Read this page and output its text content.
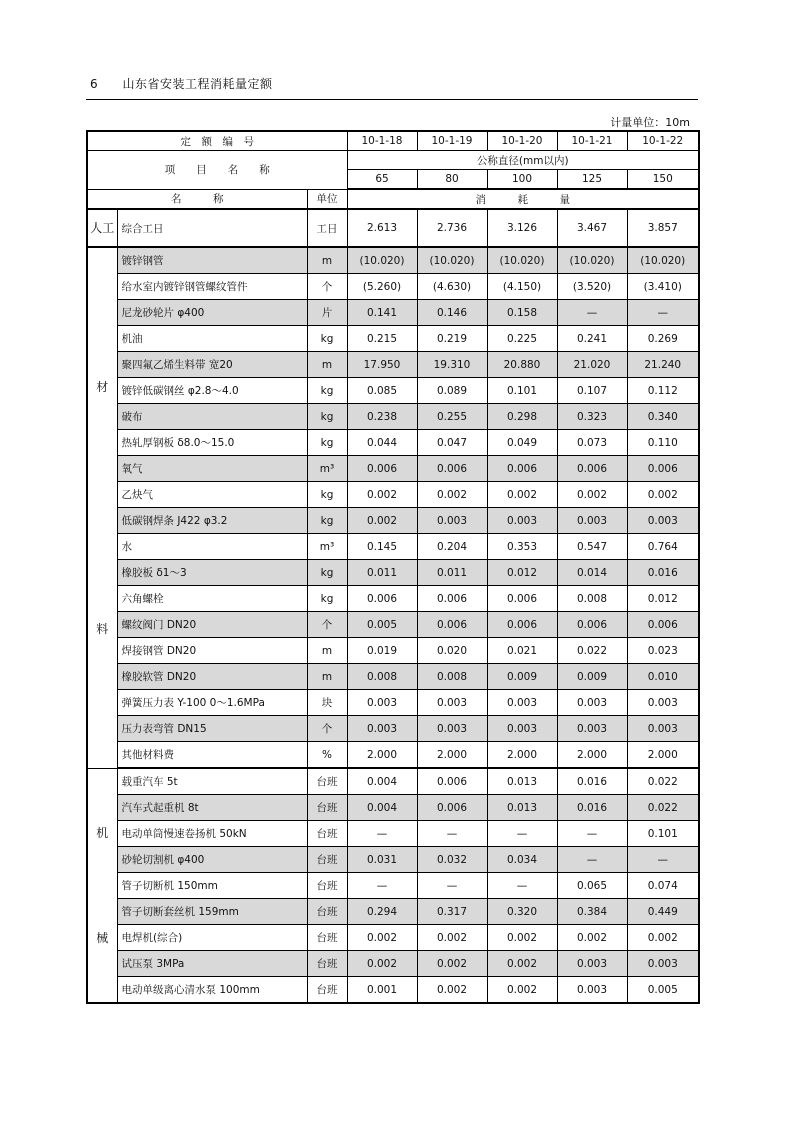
6 山东省安装工程消耗量定额
计量单位：10m
定　额　编　号			10-1-18	10-1-19	10-1-20	10-1-21	10-1-22
项　　目　　名　　称			公称直径(mm以内)				
			65	80	100	125	150
名　　　称		单位	消　　　耗　　　量				

人工	综合工日	工日	2.613	2.736	3.126	3.467	3.857

材
料	镀锌钢管	m	(10.020)	(10.020)	(10.020)	(10.020)	(10.020)
	给水室内镀锌钢管螺纹管件	个	(5.260)	(4.630)	(4.150)	(3.520)	(3.410)
	尼龙砂轮片 φ400	片	0.141	0.146	0.158	—	—
	机油	kg	0.215	0.219	0.225	0.241	0.269
	聚四氟乙烯生料带 宽20	m	17.950	19.310	20.880	21.020	21.240
	镀锌低碳钢丝 φ2.8～4.0	kg	0.085	0.089	0.101	0.107	0.112
	破布	kg	0.238	0.255	0.298	0.323	0.340
	热轧厚钢板 δ8.0～15.0	kg	0.044	0.047	0.049	0.073	0.110
	氧气	m³	0.006	0.006	0.006	0.006	0.006
	乙炔气	kg	0.002	0.002	0.002	0.002	0.002
	低碳钢焊条 J422 φ3.2	kg	0.002	0.003	0.003	0.003	0.003
	水	m³	0.145	0.204	0.353	0.547	0.764
	橡胶板 δ1～3	kg	0.011	0.011	0.012	0.014	0.016
	六角螺栓	kg	0.006	0.006	0.006	0.008	0.012
	螺纹阀门 DN20	个	0.005	0.006	0.006	0.006	0.006
	焊接钢管 DN20	m	0.019	0.020	0.021	0.022	0.023
	橡胶软管 DN20	m	0.008	0.008	0.009	0.009	0.010
	弹簧压力表 Y-100 0～1.6MPa	块	0.003	0.003	0.003	0.003	0.003
	压力表弯管 DN15	个	0.003	0.003	0.003	0.003	0.003
	其他材料费	%	2.000	2.000	2.000	2.000	2.000

机
械	载重汽车 5t	台班	0.004	0.006	0.013	0.016	0.022
	汽车式起重机 8t	台班	0.004	0.006	0.013	0.016	0.022
	电动单筒慢速卷扬机 50kN	台班	—	—	—	—	0.101
	砂轮切割机 φ400	台班	0.031	0.032	0.034	—	—
	管子切断机 150mm	台班	—	—	—	0.065	0.074
	管子切断套丝机 159mm	台班	0.294	0.317	0.320	0.384	0.449
	电焊机(综合)	台班	0.002	0.002	0.002	0.002	0.002
	试压泵 3MPa	台班	0.002	0.002	0.002	0.003	0.003
	电动单级离心清水泵 100mm	台班	0.001	0.002	0.002	0.003	0.005
